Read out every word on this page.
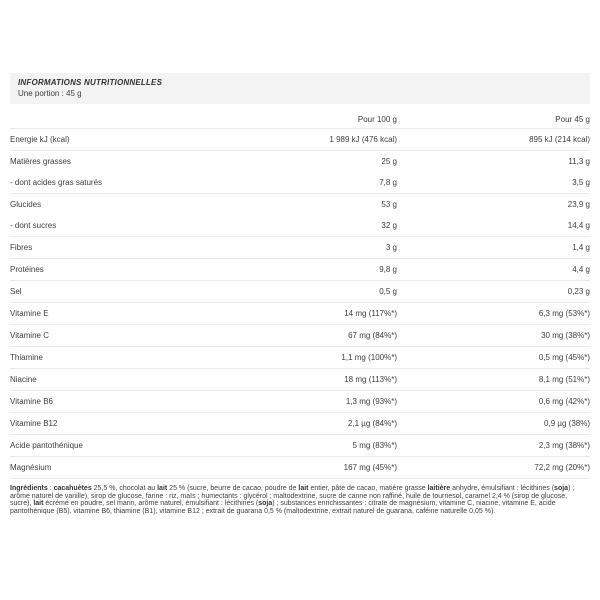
INFORMATIONS NUTRITIONNELLES
Une portion : 45 g
Pour 100 g	Pour 45 g
Energie kJ (kcal)	1 989 kJ (476 kcal)	895 kJ (214 kcal)
Matières grasses	25 g	11,3 g
- dont acides gras saturés	7,8 g	3,5 g
Glucides	53 g	23,9 g
- dont sucres	32 g	14,4 g
Fibres	3 g	1,4 g
Protéines	9,8 g	4,4 g
Sel	0,5 g	0,23 g
Vitamine E	14 mg (117%*)	6,3 mg (53%*)
Vitamine C	67 mg (84%*)	30 mg (38%*)
Thiamine	1,1 mg (100%*)	0,5 mg (45%*)
Niacine	18 mg (113%*)	8,1 mg (51%*)
Vitamine B6	1,3 mg (93%*)	0,6 mg (42%*)
Vitamine B12	2,1 µg (84%*)	0,9 µg (38%)
Acide pantothénique	5 mg (83%*)	2,3 mg (38%*)
Magnésium	167 mg (45%*)	72,2 mg (20%*)

Ingrédients : cacahuètes 25,5 %, chocolat au lait 25 % (sucre, beurre de cacao, poudre de lait entier, pâte de cacao, matière grasse laitière anhydre, émulsifiant : lécithines (soja) ; arôme naturel de vanille), sirop de glucose, farine : riz, maïs ; humectants : glycérol ; maltodextrine, sucre de canne non raffiné, huile de tournesol, caramel 2,4 % (sirop de glucose, sucre), lait écrémé en poudre, sel marin, arôme naturel, émulsifiant : lécithines (soja) ; substances enrichissantes : citrate de magnésium, vitamine C, niacine, vitamine E, acide pantothénique (B5), vitamine B6, thiamine (B1), vitamine B12 ; extrait de guarana 0,5 % (maltodextrine, extrait naturel de guarana, caféine naturelle 0,05 %).
